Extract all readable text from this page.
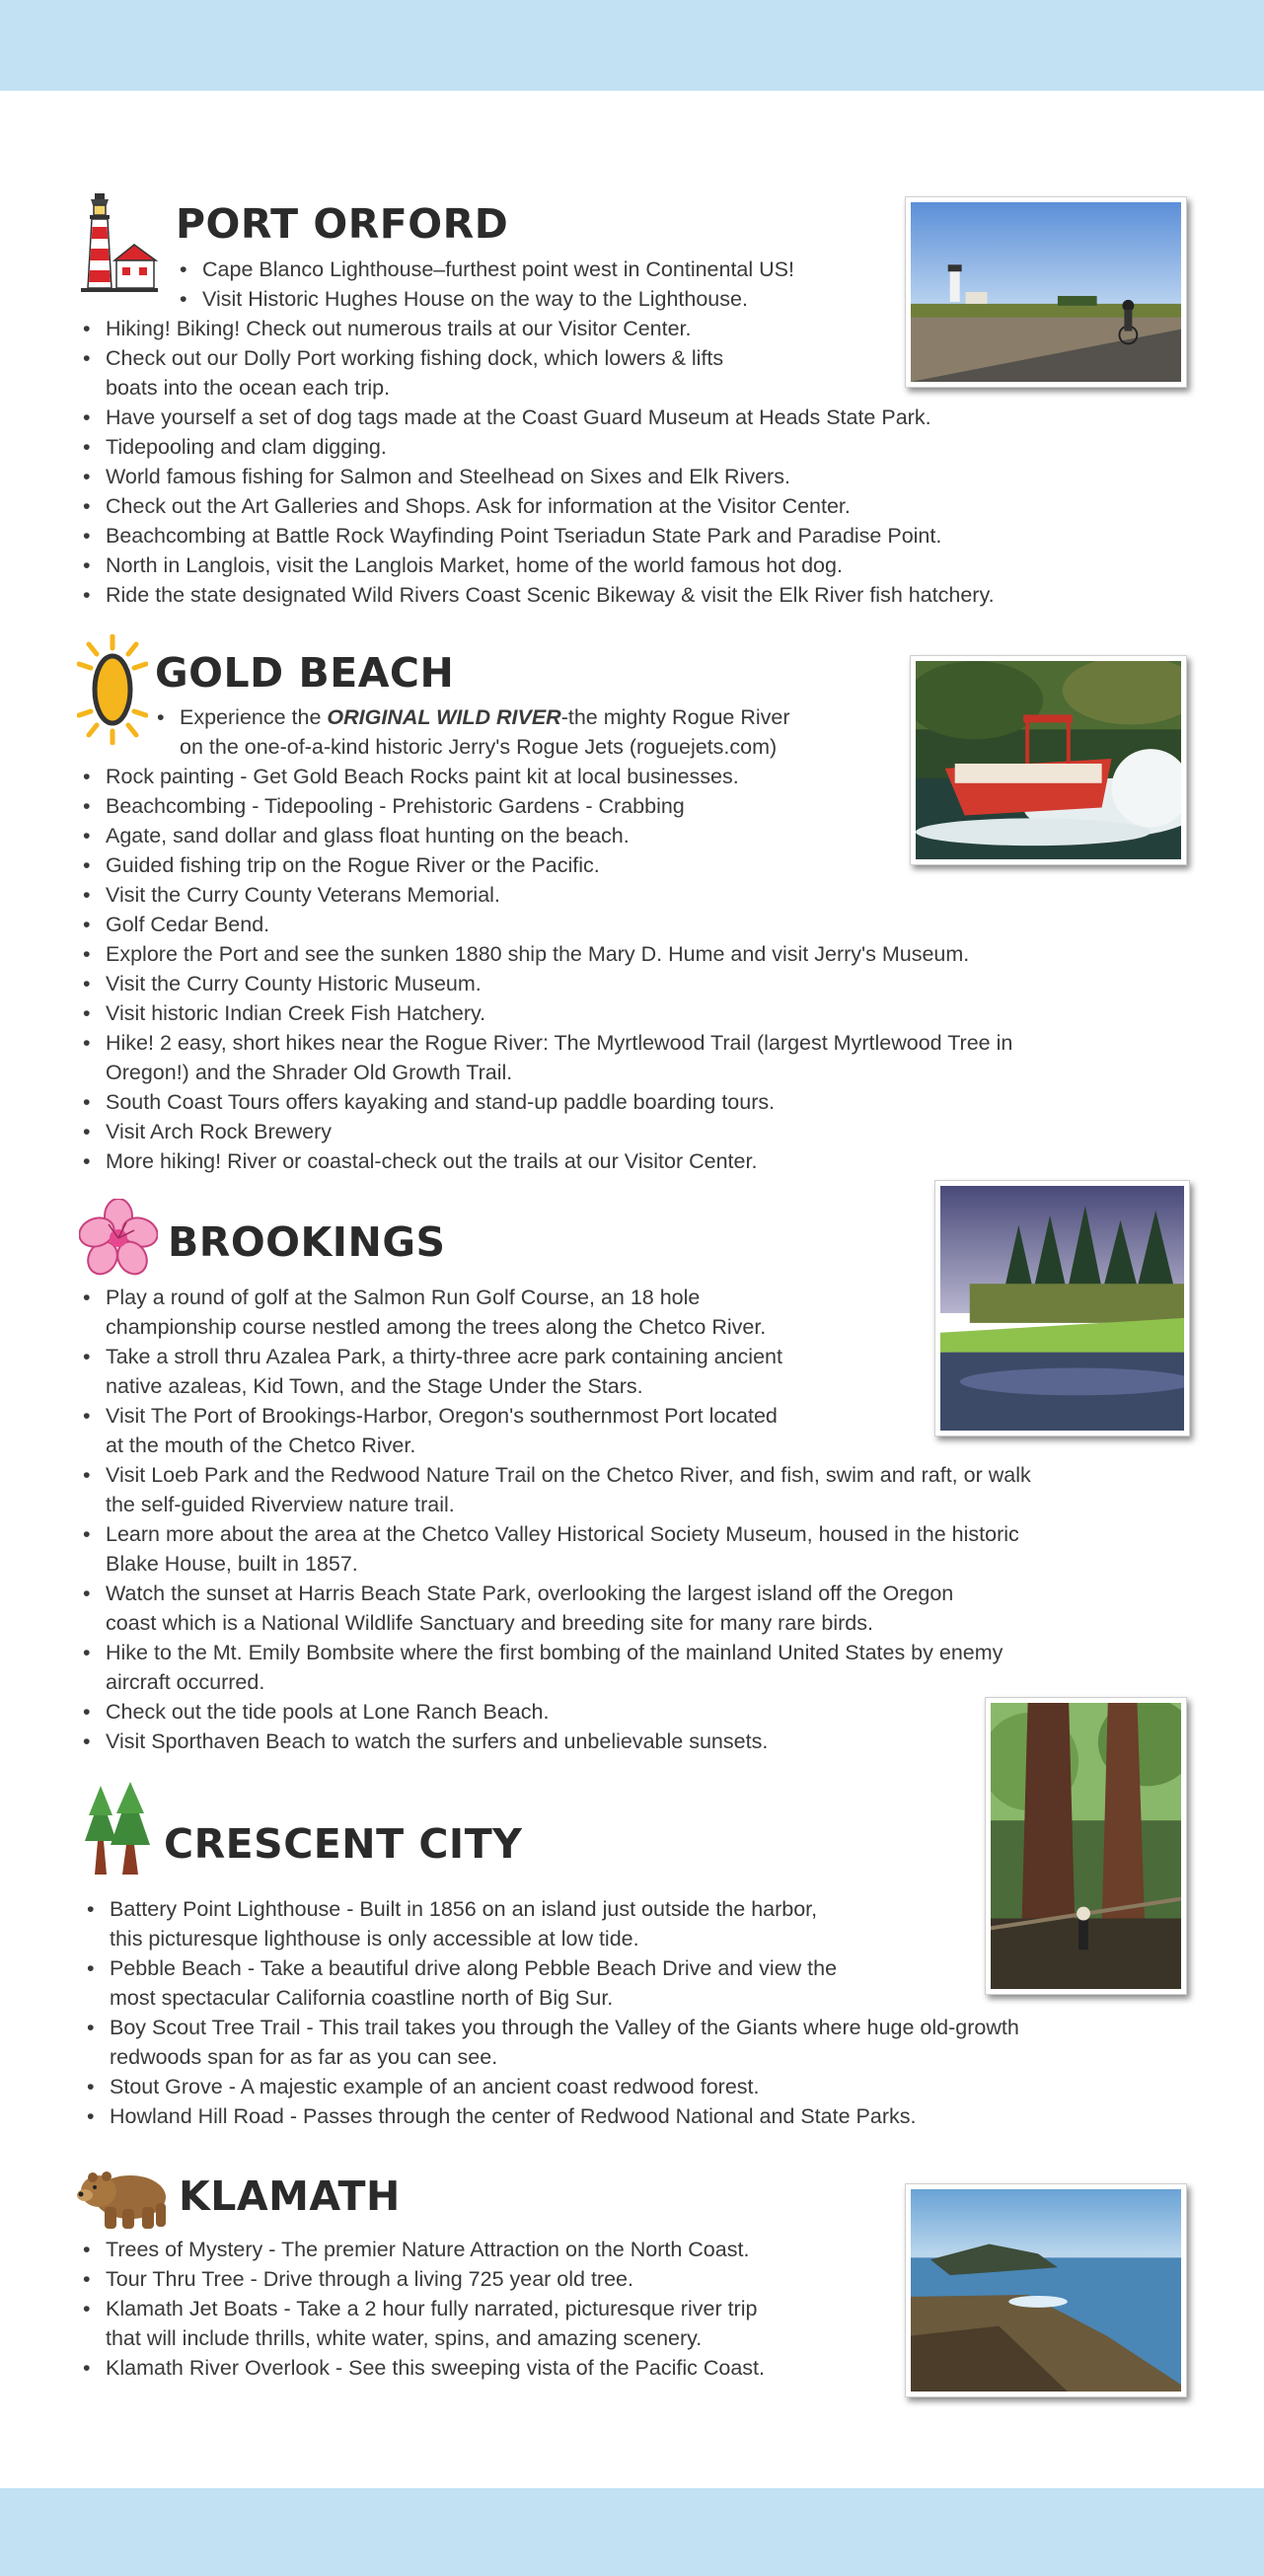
PORT ORFORD
• Cape Blanco Lighthouse–furthest point west in Continental US!
• Visit Historic Hughes House on the way to the Lighthouse.
• Hiking! Biking! Check out numerous trails at our Visitor Center.
• Check out our Dolly Port working fishing dock, which lowers & lifts
boats into the ocean each trip.
• Have yourself a set of dog tags made at the Coast Guard Museum at Heads State Park.
• Tidepooling and clam digging.
• World famous fishing for Salmon and Steelhead on Sixes and Elk Rivers.
• Check out the Art Galleries and Shops. Ask for information at the Visitor Center.
• Beachcombing at Battle Rock Wayfinding Point Tseriadun State Park and Paradise Point.
• North in Langlois, visit the Langlois Market, home of the world famous hot dog.
• Ride the state designated Wild Rivers Coast Scenic Bikeway & visit the Elk River fish hatchery.
GOLD BEACH
• Experience the ORIGINAL WILD RIVER-the mighty Rogue River
on the one-of-a-kind historic Jerry's Rogue Jets (roguejets.com)
• Rock painting - Get Gold Beach Rocks paint kit at local businesses.
• Beachcombing - Tidepooling - Prehistoric Gardens - Crabbing
• Agate, sand dollar and glass float hunting on the beach.
• Guided fishing trip on the Rogue River or the Pacific.
• Visit the Curry County Veterans Memorial.
• Golf Cedar Bend.
• Explore the Port and see the sunken 1880 ship the Mary D. Hume and visit Jerry's Museum.
• Visit the Curry County Historic Museum.
• Visit historic Indian Creek Fish Hatchery.
• Hike! 2 easy, short hikes near the Rogue River: The Myrtlewood Trail (largest Myrtlewood Tree in
Oregon!) and the Shrader Old Growth Trail.
• South Coast Tours offers kayaking and stand-up paddle boarding tours.
• Visit Arch Rock Brewery
• More hiking! River or coastal-check out the trails at our Visitor Center.
BROOKINGS
• Play a round of golf at the Salmon Run Golf Course, an 18 hole
championship course nestled among the trees along the Chetco River.
• Take a stroll thru Azalea Park, a thirty-three acre park containing ancient
native azaleas, Kid Town, and the Stage Under the Stars.
• Visit The Port of Brookings-Harbor, Oregon's southernmost Port located
at the mouth of the Chetco River.
• Visit Loeb Park and the Redwood Nature Trail on the Chetco River, and fish, swim and raft, or walk
the self-guided Riverview nature trail.
• Learn more about the area at the Chetco Valley Historical Society Museum, housed in the historic
Blake House, built in 1857.
• Watch the sunset at Harris Beach State Park, overlooking the largest island off the Oregon
coast which is a National Wildlife Sanctuary and breeding site for many rare birds.
• Hike to the Mt. Emily Bombsite where the first bombing of the mainland United States by enemy
aircraft occurred.
• Check out the tide pools at Lone Ranch Beach.
• Visit Sporthaven Beach to watch the surfers and unbelievable sunsets.
CRESCENT CITY
• Battery Point Lighthouse - Built in 1856 on an island just outside the harbor,
this picturesque lighthouse is only accessible at low tide.
• Pebble Beach - Take a beautiful drive along Pebble Beach Drive and view the
most spectacular California coastline north of Big Sur.
• Boy Scout Tree Trail - This trail takes you through the Valley of the Giants where huge old-growth
redwoods span for as far as you can see.
• Stout Grove - A majestic example of an ancient coast redwood forest.
• Howland Hill Road - Passes through the center of Redwood National and State Parks.
KLAMATH
• Trees of Mystery - The premier Nature Attraction on the North Coast.
• Tour Thru Tree - Drive through a living 725 year old tree.
• Klamath Jet Boats - Take a 2 hour fully narrated, picturesque river trip
that will include thrills, white water, spins, and amazing scenery.
• Klamath River Overlook - See this sweeping vista of the Pacific Coast.
